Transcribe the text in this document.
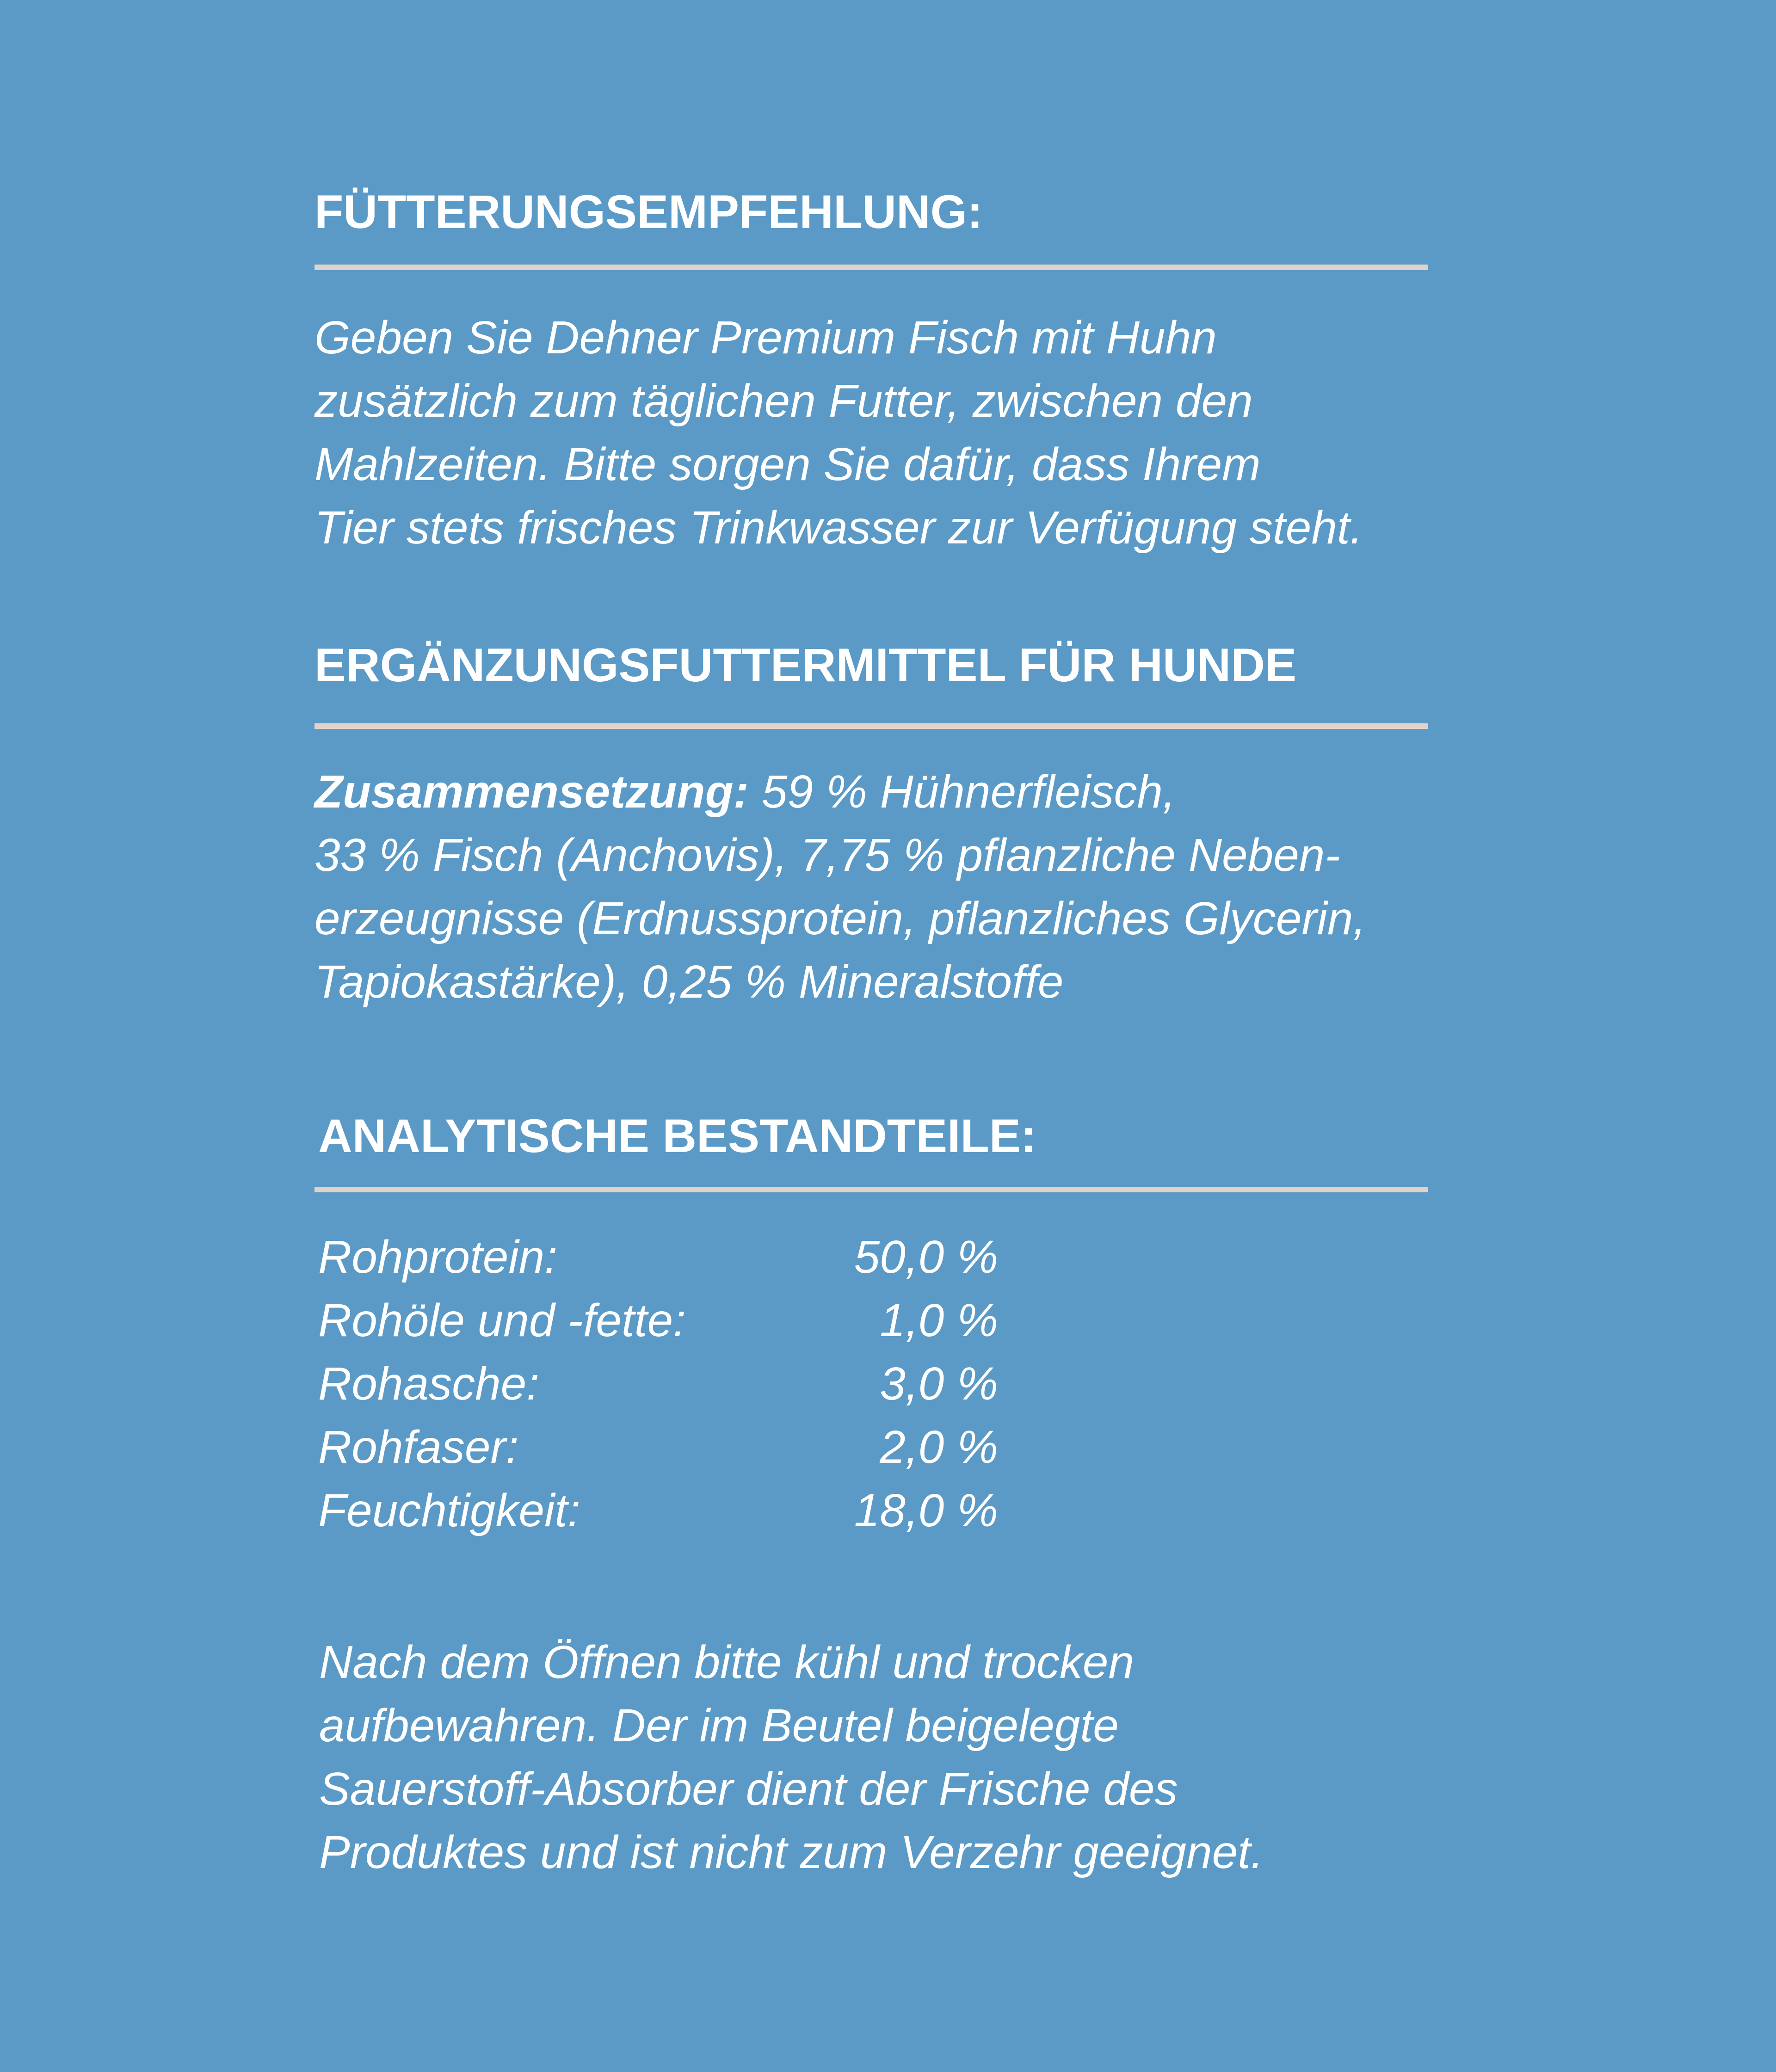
FÜTTERUNGSEMPFEHLUNG:

Geben Sie Dehner Premium Fisch mit Huhn
zusätzlich zum täglichen Futter, zwischen den
Mahlzeiten. Bitte sorgen Sie dafür, dass Ihrem
Tier stets frisches Trinkwasser zur Verfügung steht.

ERGÄNZUNGSFUTTERMITTEL FÜR HUNDE

Zusammensetzung: 59 % Hühnerfleisch,
33 % Fisch (Anchovis), 7,75 % pflanzliche Neben-
erzeugnisse (Erdnussprotein, pflanzliches Glycerin,
Tapiokastärke), 0,25 % Mineralstoffe

ANALYTISCHE BESTANDTEILE:
Rohprotein:	50,0 %
Rohöle und -fette:	1,0 %
Rohasche:	3,0 %
Rohfaser:	2,0 %
Feuchtigkeit:	18,0 %

Nach dem Öffnen bitte kühl und trocken
aufbewahren. Der im Beutel beigelegte
Sauerstoff-Absorber dient der Frische des
Produktes und ist nicht zum Verzehr geeignet.
